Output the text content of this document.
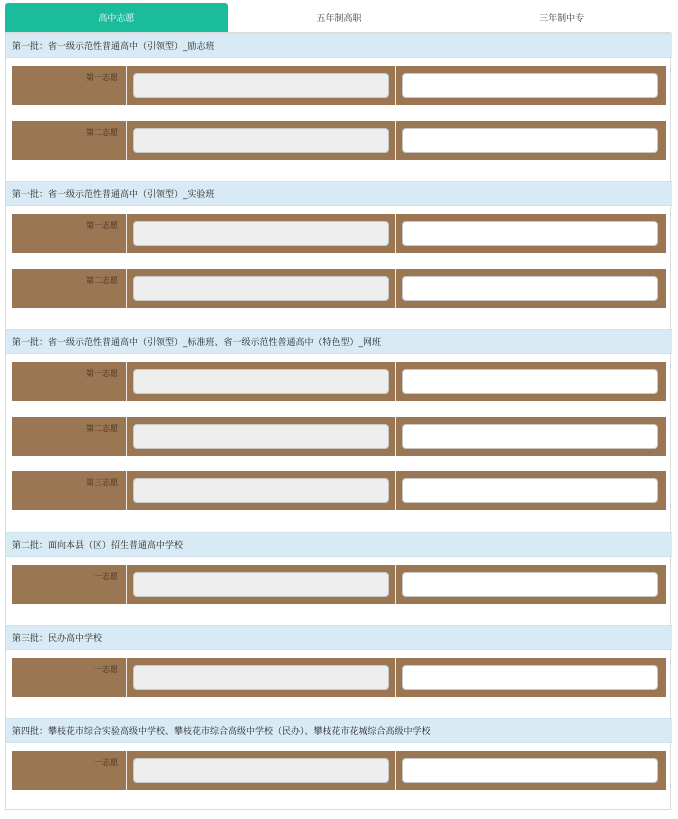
高中志愿	五年制高职	三年制中专
第一批：省一级示范性普通高中（引领型）_励志班
第一志愿
第二志愿
第一批：省一级示范性普通高中（引领型）_实验班
第一志愿
第二志愿
第一批：省一级示范性普通高中（引领型）_标准班、省一级示范性普通高中（特色型）_网班
第一志愿
第二志愿
第三志愿
第二批：面向本县（区）招生普通高中学校
一志愿
第三批：民办高中学校
一志愿
第四批：攀枝花市综合实验高级中学校、攀枝花市综合高级中学校（民办）、攀枝花市花城综合高级中学校
一志愿
